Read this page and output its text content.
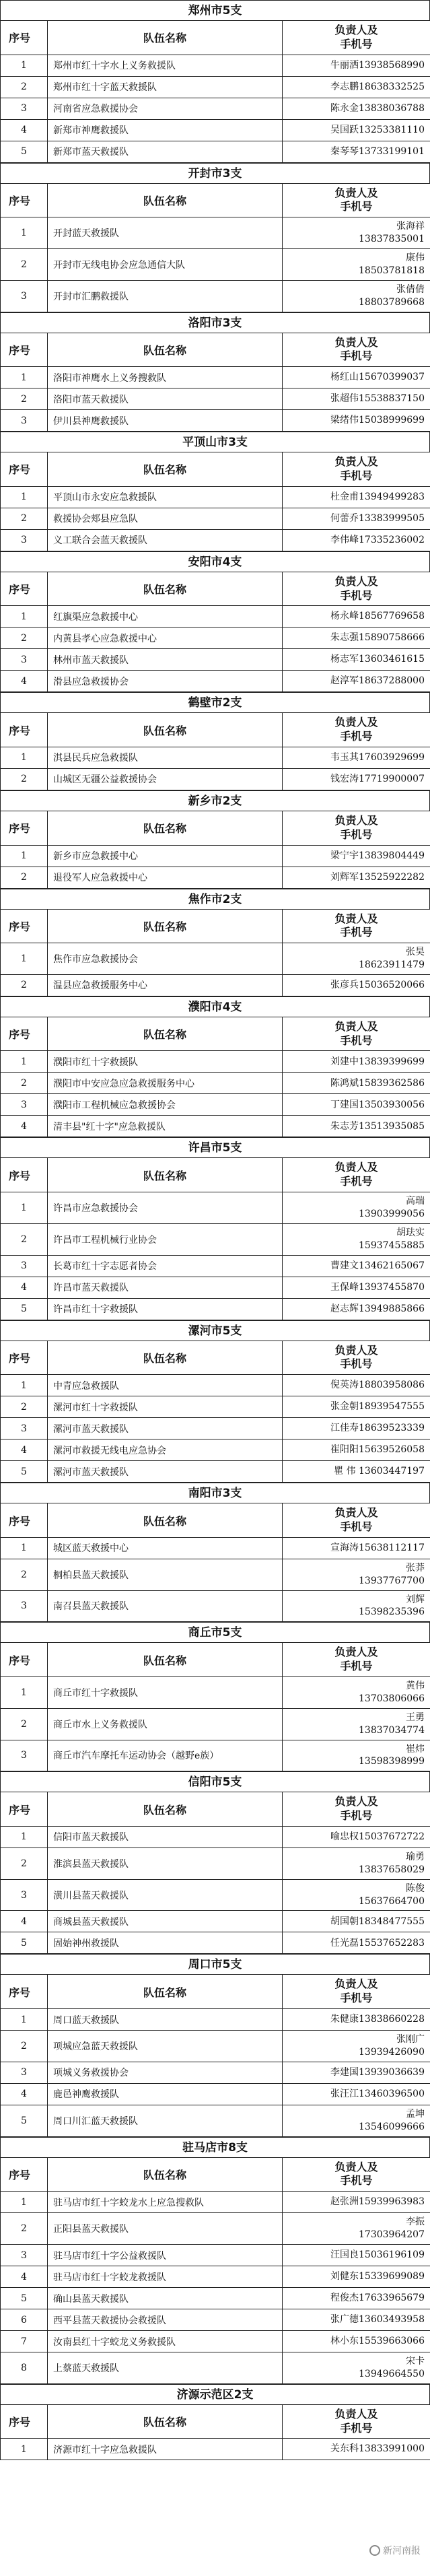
郑州市5支
序号	队伍名称	负责人及
手机号
1	郑州市红十字水上义务救援队	牛丽洒13938568990
2	郑州市红十字蓝天救援队	李志鹏18638332525
3	河南省应急救援协会	陈永金13838036788
4	新郑市神鹰救援队	吴国跃13253381110
5	新郑市蓝天救援队	秦琴琴13733199101
开封市3支
序号	队伍名称	负责人及
手机号
1	开封蓝天救援队	张海祥
13837835001
2	开封市无线电协会应急通信大队	康伟
18503781818
3	开封市汇鹏救援队	张倩倩
18803789668
洛阳市3支
序号	队伍名称	负责人及
手机号
1	洛阳市神鹰水上义务搜救队	杨红山15670399037
2	洛阳市蓝天救援队	张超伟15538837150
3	伊川县神鹰救援队	梁绪伟15038999699
平顶山市3支
序号	队伍名称	负责人及
手机号
1	平顶山市永安应急救援队	杜金甫13949499283
2	救援协会郏县应急队	何蕾乔13383999505
3	义工联合会蓝天救援队	李伟峰17335236002
安阳市4支
序号	队伍名称	负责人及
手机号
1	红旗渠应急救援中心	杨永峰18567769658
2	内黄县孝心应急救援中心	朱志强15890758666
3	林州市蓝天救援队	杨志军13603461615
4	滑县应急救援协会	赵淳军18637288000
鹤壁市2支
序号	队伍名称	负责人及
手机号
1	淇县民兵应急救援队	韦玉其17603929699
2	山城区无疆公益救援协会	钱宏涛17719900007
新乡市2支
序号	队伍名称	负责人及
手机号
1	新乡市应急救援中心	梁宁宇13839804449
2	退役军人应急救援中心	刘辉军13525922282
焦作市2支
序号	队伍名称	负责人及
手机号
1	焦作市应急救援协会	张昊
18623911479
2	温县应急救援服务中心	张彦兵15036520066
濮阳市4支
序号	队伍名称	负责人及
手机号
1	濮阳市红十字救援队	刘建中13839399699
2	濮阳市中安应急应急救援服务中心	陈鸿斌15839362586
3	濮阳市工程机械应急救援协会	丁建国13503930056
4	清丰县"红十字"应急救援队	朱志芳13513935085
许昌市5支
序号	队伍名称	负责人及
手机号
1	许昌市应急救援协会	高瑞
13903999056
2	许昌市工程机械行业协会	胡珐实
15937455885
3	长葛市红十字志愿者协会	曹建文13462165067
4	许昌市蓝天救援队	王保峰13937455870
5	许昌市红十字救援队	赵志辉13949885866
漯河市5支
序号	队伍名称	负责人及
手机号
1	中青应急救援队	倪英涛18803958086
2	漯河市红十字救援队	张金朝18939547555
3	漯河市蓝天救援队	江佳寿18639523339
4	漯河市救援无线电应急协会	崔阳阳15639526058
5	漯河市蓝天救援队	瞿 伟 13603447197
南阳市3支
序号	队伍名称	负责人及
手机号
1	城区蓝天救援中心	宣海涛15638112117
2	桐柏县蓝天救援队	张莽
13937767700
3	南召县蓝天救援队	刘辉
15398235396
商丘市5支
序号	队伍名称	负责人及
手机号
1	商丘市红十字救援队	黄伟
13703806066
2	商丘市水上义务救援队	王勇
13837034774
3	商丘市汽车摩托车运动协会（越野e族）	崔炜
13598398999
信阳市5支
序号	队伍名称	负责人及
手机号
1	信阳市蓝天救援队	喻忠权15037672722
2	淮滨县蓝天救援队	瑜勇
13837658029
3	潢川县蓝天救援队	陈俊
15637664700
4	商城县蓝天救援队	胡国朝18348477555
5	固始神州救援队	任光磊15537652283
周口市5支
序号	队伍名称	负责人及
手机号
1	周口蓝天救援队	朱健康13838660228
2	项城应急蓝天救援队	张刚广
13939426090
3	项城义务救援协会	李建国13939036639
4	鹿邑神鹰救援队	张汪江13460396500
5	周口川汇蓝天救援队	孟坤
13546099666
驻马店市8支
序号	队伍名称	负责人及
手机号
1	驻马店市红十字蛟龙水上应急搜救队	赵张洲15939963983
2	正阳县蓝天救援队	李振
17303964207
3	驻马店市红十字公益救援队	汪国良15036196109
4	驻马店市红十字蛟龙救援队	刘健东15339699089
5	确山县蓝天救援队	程俊杰17633965679
6	西平县蓝天救援协会救援队	张广德13603493958
7	汝南县红十字蛟龙义务救援队	林小东15539663066
8	上蔡蓝天救援队	宋卡
13949664550
济源示范区2支
序号	队伍名称	负责人及
手机号
1	济源市红十字应急救援队	关东科13833991000
新河南报
